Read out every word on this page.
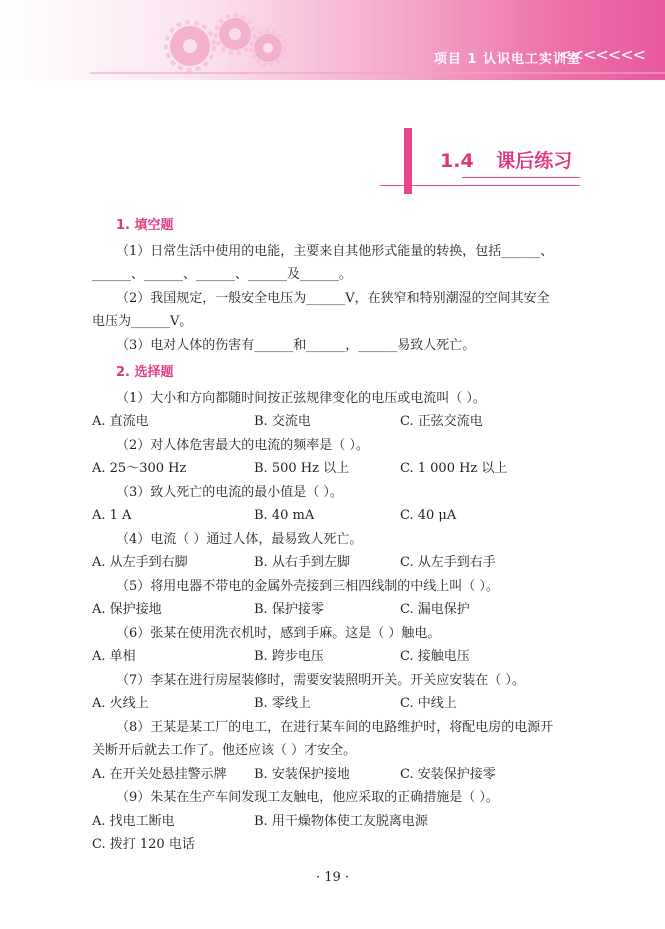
项目 1 认识电工实训室
<<<<<<<
1.4 课后练习
1. 填空题
（1）日常生活中使用的电能，主要来自其他形式能量的转换，包括______、
______、______、______、______及______。
（2）我国规定，一般安全电压为______V，在狭窄和特别潮湿的空间其安全
电压为______V。
（3）电对人体的伤害有______和______，______易致人死亡。
2. 选择题
（1）大小和方向都随时间按正弦规律变化的电压或电流叫（ ）。
A. 直流电	B. 交流电	C. 正弦交流电
（2）对人体危害最大的电流的频率是（ ）。
A. 25～300 Hz	B. 500 Hz 以上	C. 1 000 Hz 以上
（3）致人死亡的电流的最小值是（ ）。
A. 1 A	B. 40 mA	C. 40 μA
（4）电流（ ）通过人体，最易致人死亡。
A. 从左手到右脚	B. 从右手到左脚	C. 从左手到右手
（5）将用电器不带电的金属外壳接到三相四线制的中线上叫（ ）。
A. 保护接地	B. 保护接零	C. 漏电保护
（6）张某在使用洗衣机时，感到手麻。这是（ ）触电。
A. 单相	B. 跨步电压	C. 接触电压
（7）李某在进行房屋装修时，需要安装照明开关。开关应安装在（ ）。
A. 火线上	B. 零线上	C. 中线上
（8）王某是某工厂的电工，在进行某车间的电路维护时，将配电房的电源开
关断开后就去工作了。他还应该（ ）才安全。
A. 在开关处悬挂警示牌	B. 安装保护接地	C. 安装保护接零
（9）朱某在生产车间发现工友触电，他应采取的正确措施是（ ）。
A. 找电工断电	B. 用干燥物体使工友脱离电源
C. 拨打 120 电话
· 19 ·
